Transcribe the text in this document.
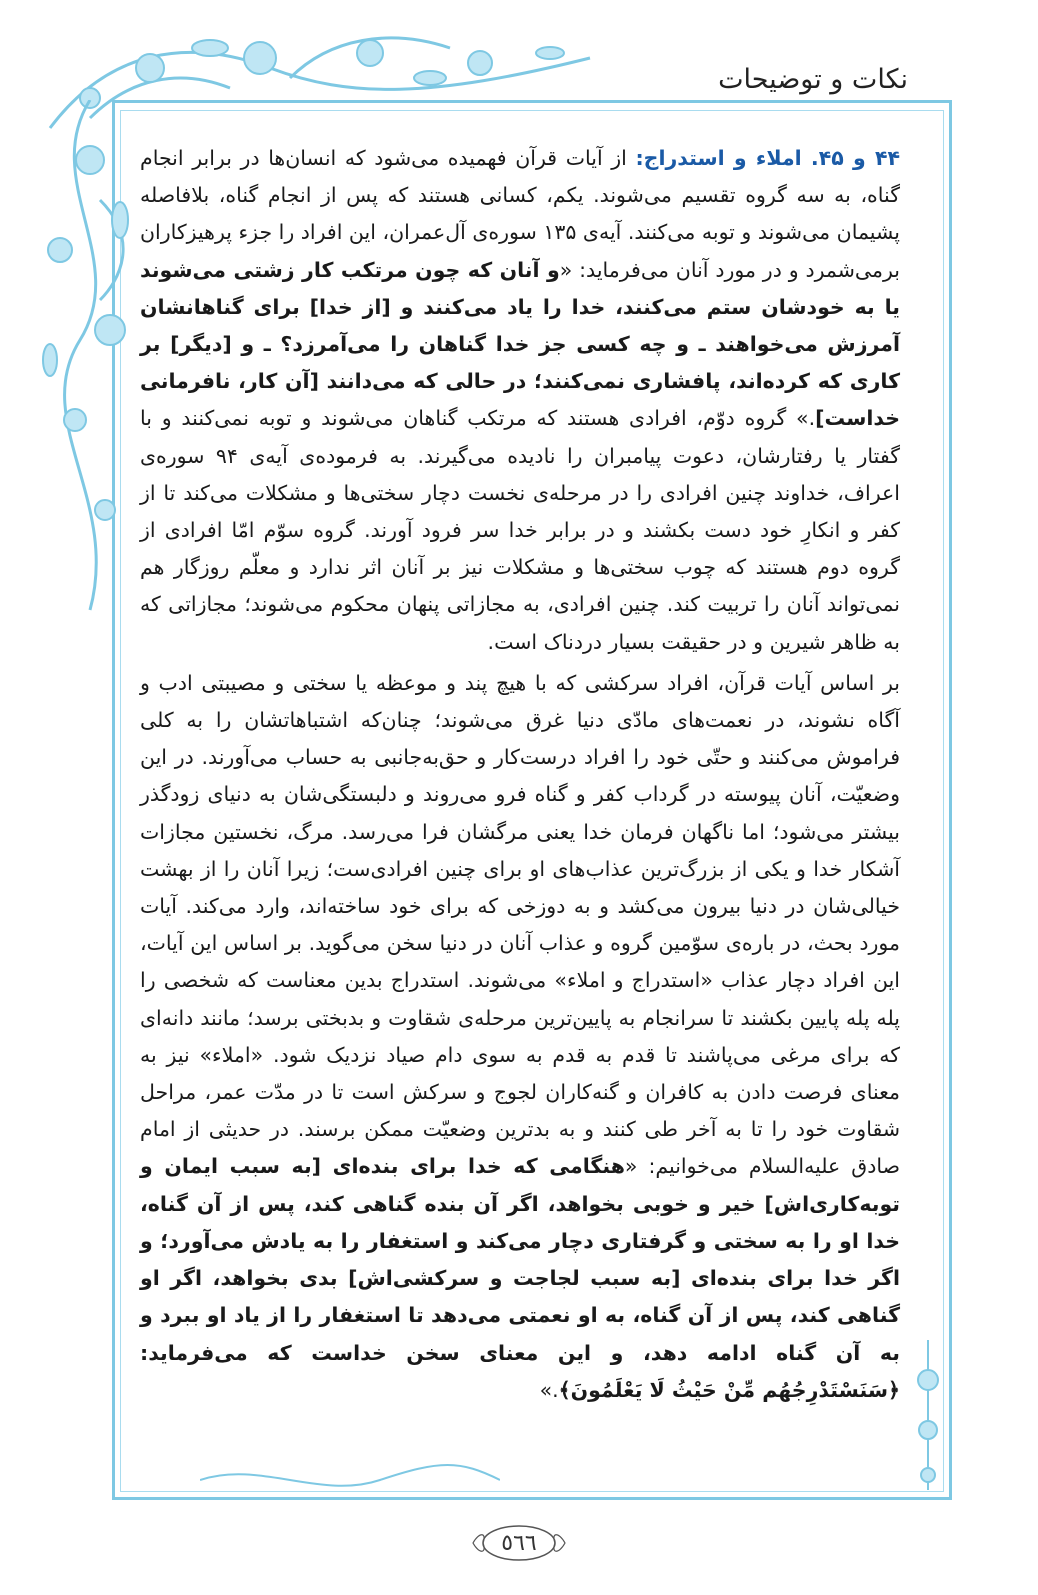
نکات و توضیحات

۴۴ و ۴۵. املاء و استدراج: از آیات قرآن فهمیده می‌شود که انسان‌ها در برابر انجام گناه، به سه گروه تقسیم می‌شوند. یکم، کسانی هستند که پس از انجام گناه، بلافاصله پشیمان می‌شوند و توبه می‌کنند. آیه‌ی ۱۳۵ سوره‌ی آل‌عمران، این افراد را جزء پرهیزکاران برمی‌شمرد و در مورد آنان می‌فرماید: «و آنان که چون مرتکب کار زشتی می‌شوند یا به خودشان ستم می‌کنند، خدا را یاد می‌کنند و [از خدا] برای گناهانشان آمرزش می‌خواهند ـ و چه کسی جز خدا گناهان را می‌آمرزد؟ ـ و [دیگر] بر کاری که کرده‌اند، پافشاری نمی‌کنند؛ در حالی که می‌دانند [آن کار، نافرمانی خداست].» گروه دوّم، افرادی هستند که مرتکب گناهان می‌شوند و توبه نمی‌کنند و با گفتار یا رفتارشان، دعوت پیامبران را نادیده می‌گیرند. به فرموده‌ی آیه‌ی ۹۴ سوره‌ی اعراف، خداوند چنین افرادی را در مرحله‌ی نخست دچار سختی‌ها و مشکلات می‌کند تا از کفر و انکارِ خود دست بکشند و در برابر خدا سر فرود آورند. گروه سوّم امّا افرادی از گروه دوم هستند که چوب سختی‌ها و مشکلات نیز بر آنان اثر ندارد و معلّم روزگار هم نمی‌تواند آنان را تربیت کند. چنین افرادی، به مجازاتی پنهان محکوم می‌شوند؛ مجازاتی که به ظاهر شیرین و در حقیقت بسیار دردناک است.

بر اساس آیات قرآن، افراد سرکشی که با هیچ پند و موعظه یا سختی و مصیبتی ادب و آگاه نشوند، در نعمت‌های مادّی دنیا غرق می‌شوند؛ چنان‌که اشتباهاتشان را به کلی فراموش می‌کنند و حتّی خود را افراد درست‌کار و حق‌به‌جانبی به حساب می‌آورند. در این وضعیّت، آنان پیوسته در گرداب کفر و گناه فرو می‌روند و دلبستگی‌شان به دنیای زودگذر بیشتر می‌شود؛ اما ناگهان فرمان خدا یعنی مرگشان فرا می‌رسد. مرگ، نخستین مجازات آشکار خدا و یکی از بزرگ‌ترین عذاب‌های او برای چنین افرادی‌ست؛ زیرا آنان را از بهشت خیالی‌شان در دنیا بیرون می‌کشد و به دوزخی که برای خود ساخته‌اند، وارد می‌کند. آیات مورد بحث، در باره‌ی سوّمین گروه و عذاب آنان در دنیا سخن می‌گوید. بر اساس این آیات، این افراد دچار عذاب «استدراج و املاء» می‌شوند. استدراج بدین معناست که شخصی را پله پله پایین بکشند تا سرانجام به پایین‌ترین مرحله‌ی شقاوت و بدبختی برسد؛ مانند دانه‌ای که برای مرغی می‌پاشند تا قدم به قدم به سوی دام صیاد نزدیک شود. «املاء» نیز به معنای فرصت دادن به کافران و گنه‌کاران لجوج و سرکش است تا در مدّت عمر، مراحل شقاوت خود را تا به آخر طی کنند و به بدترین وضعیّت ممکن برسند. در حدیثی از امام صادق علیه‌السلام می‌خوانیم: «هنگامی که خدا برای بنده‌ای [به سبب ایمان و توبه‌کاری‌اش] خیر و خوبی بخواهد، اگر آن بنده گناهی کند، پس از آن گناه، خدا او را به سختی و گرفتاری دچار می‌کند و استغفار را به یادش می‌آورد؛ و اگر خدا برای بنده‌ای [به سبب لجاجت و سرکشی‌اش] بدی بخواهد، اگر او گناهی کند، پس از آن گناه، به او نعمتی می‌دهد تا استغفار را از یاد او ببرد و به آن گناه ادامه دهد، و این معنای سخن خداست که می‌فرماید: ﴿سَنَسْتَدْرِجُهُم مِّنْ حَيْثُ لَا يَعْلَمُونَ﴾.»

٥٦٦
